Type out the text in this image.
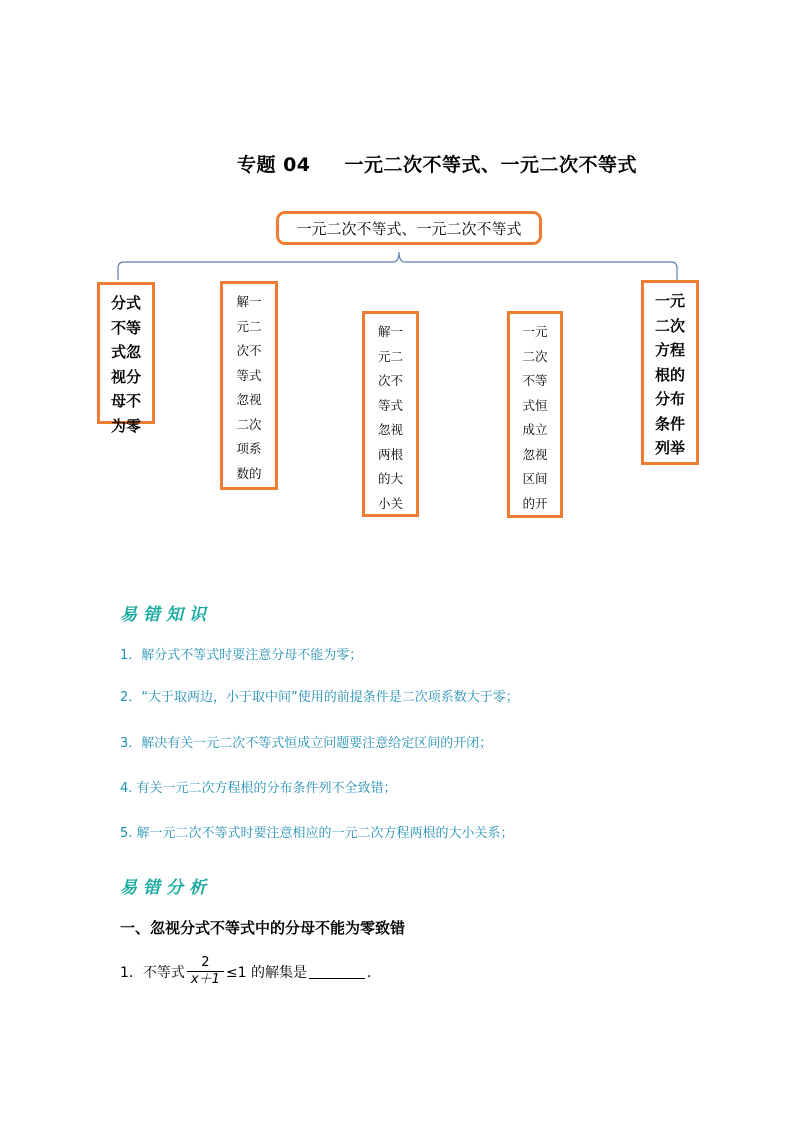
专题 04 一元二次不等式、一元二次不等式
一元二次不等式、一元二次不等式
分式不等式忽视分母不为零
解一元二次不等式忽视二次项系数的
解一元二次不等式忽视两根的大小关
一元二次不等式恒成立忽视区间的开
一元二次方程根的分布条件列举
易错知识
1．解分式不等式时要注意分母不能为零；
2．“大于取两边，小于取中间”使用的前提条件是二次项系数大于零；
3．解决有关一元二次不等式恒成立问题要注意给定区间的开闭；
4. 有关一元二次方程根的分布条件列不全致错；
5. 解一元二次不等式时要注意相应的一元二次方程两根的大小关系；
易错分析
一、忽视分式不等式中的分母不能为零致错
1．不等式 $\frac{2}{x+1} \le 1$ 的解集是	．
